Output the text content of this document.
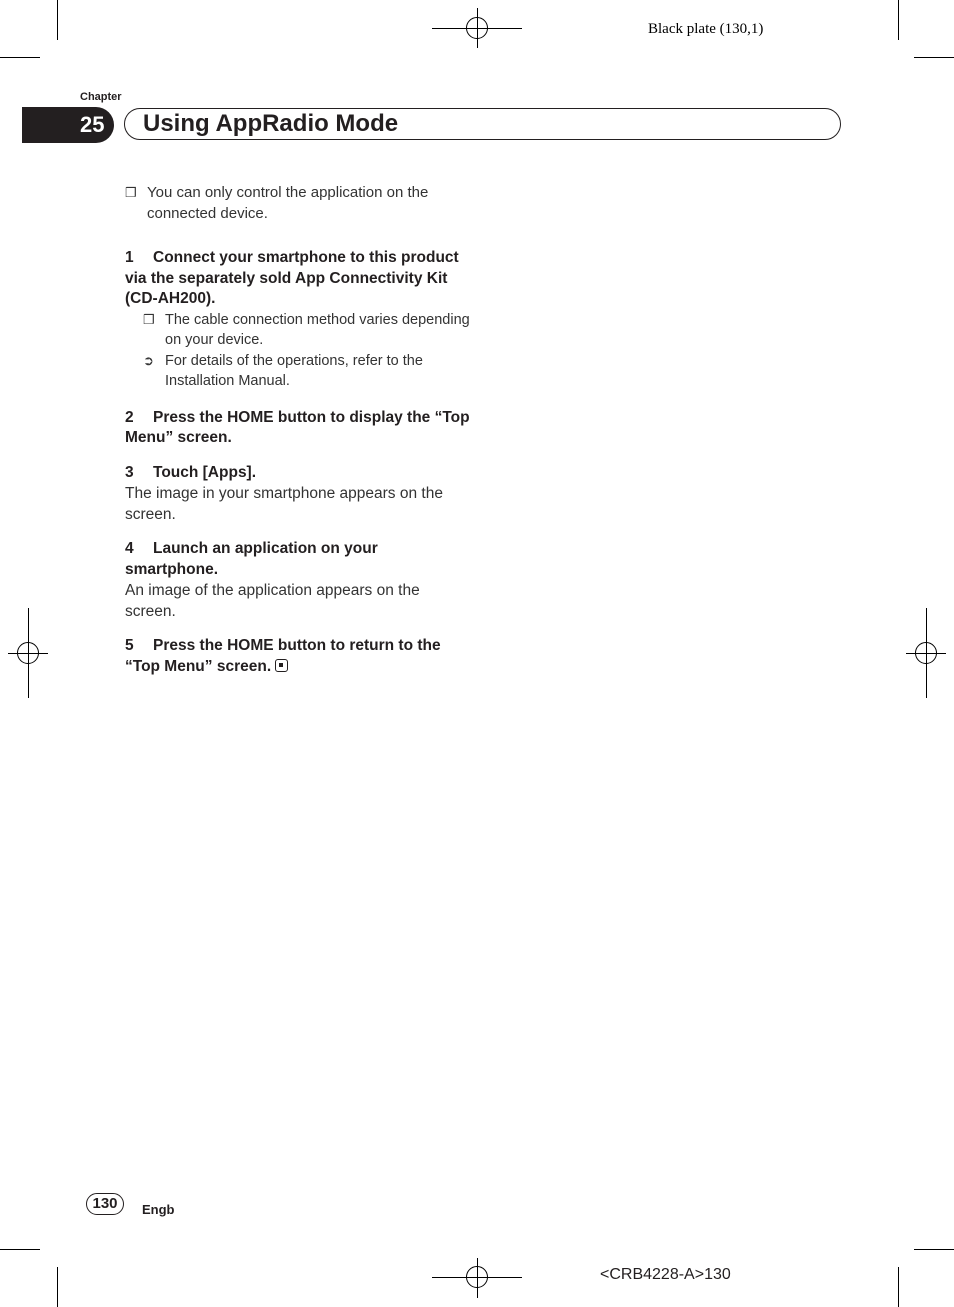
Black plate (130,1)
Chapter
25	Using AppRadio Mode
❒ You can only control the application on the connected device.
1 Connect your smartphone to this product via the separately sold App Connectivity Kit (CD-AH200).
❒ The cable connection method varies depending on your device.
➲ For details of the operations, refer to the Installation Manual.
2 Press the HOME button to display the “Top Menu” screen.
3 Touch [Apps].
The image in your smartphone appears on the screen.
4 Launch an application on your smartphone.
An image of the application appears on the screen.
5 Press the HOME button to return to the “Top Menu” screen.
130	Engb
<CRB4228-A>130
